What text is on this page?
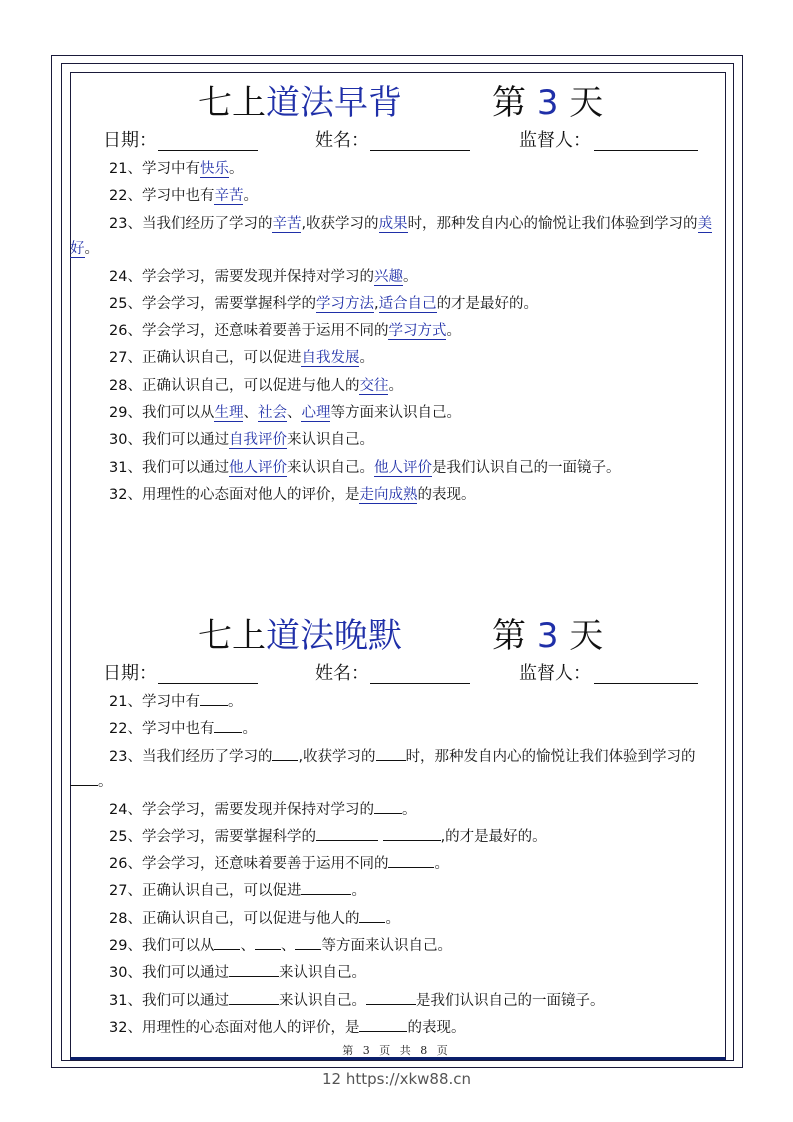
七上道法早背	第 3 天
日期：	姓名：	监督人：
21、学习中有快乐。
22、学习中也有辛苦。
23、当我们经历了学习的辛苦,收获学习的成果时，那种发自内心的愉悦让我们体验到学习的美好。
24、学会学习，需要发现并保持对学习的兴趣。
25、学会学习，需要掌握科学的学习方法,适合自己的才是最好的。
26、学会学习，还意味着要善于运用不同的学习方式。
27、正确认识自己，可以促进自我发展。
28、正确认识自己，可以促进与他人的交往。
29、我们可以从生理、社会、心理等方面来认识自己。
30、我们可以通过自我评价来认识自己。
31、我们可以通过他人评价来认识自己。他人评价是我们认识自己的一面镜子。
32、用理性的心态面对他人的评价，是走向成熟的表现。
七上道法晚默	第 3 天
日期：	姓名：	监督人：
21、学习中有 。
22、学习中也有 。
23、当我们经历了学习的 ,收获学习的 时，那种发自内心的愉悦让我们体验到学习的。
24、学会学习，需要发现并保持对学习的 。
25、学会学习，需要掌握科学的	,的才是最好的。
26、学会学习，还意味着要善于运用不同的	。
27、正确认识自己，可以促进	。
28、正确认识自己，可以促进与他人的 。
29、我们可以从 、 、 等方面来认识自己。
30、我们可以通过	来认识自己。
31、我们可以通过	来认识自己。	是我们认识自己的一面镜子。
32、用理性的心态面对他人的评价，是	的表现。
第 3 页 共 8 页
12 https://xkw88.cn
